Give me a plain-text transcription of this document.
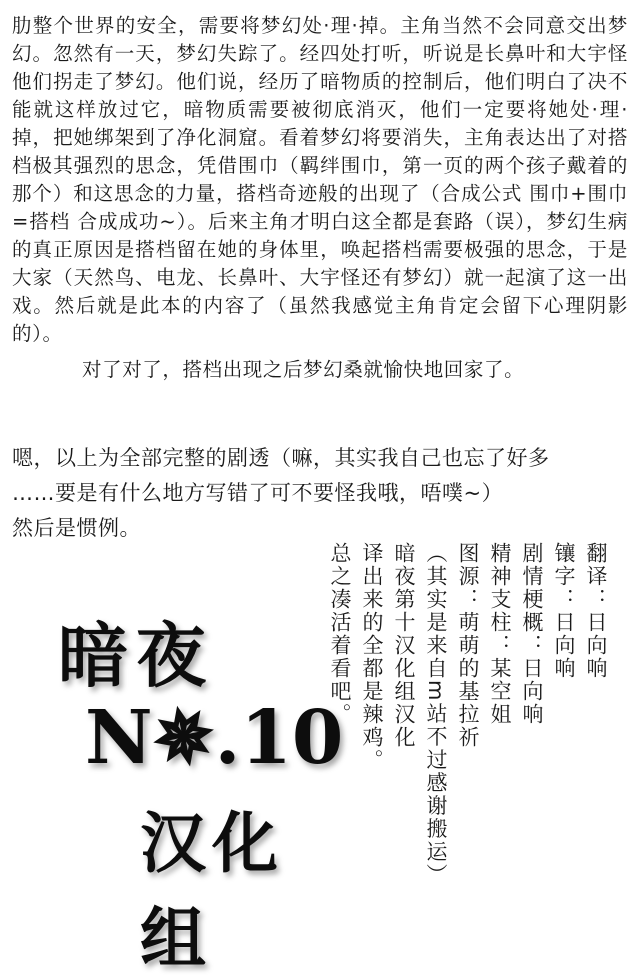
肋整个世界的安全，需要将梦幻处·理·掉。主角当然不会同意交出梦幻。忽然有一天，梦幻失踪了。经四处打听，听说是长鼻叶和大宇怪他们拐走了梦幻。他们说，经历了暗物质的控制后，他们明白了决不能就这样放过它，暗物质需要被彻底消灭，他们一定要将她处·理·掉，把她绑架到了净化洞窟。看着梦幻将要消失，主角表达出了对搭档极其强烈的思念，凭借围巾（羁绊围巾，第一页的两个孩子戴着的那个）和这思念的力量，搭档奇迹般的出现了（合成公式 围巾+围巾=搭档 合成成功~）。后来主角才明白这全都是套路（误），梦幻生病的真正原因是搭档留在她的身体里，唤起搭档需要极强的思念，于是大家（天然鸟、电龙、长鼻叶、大宇怪还有梦幻）就一起演了这一出戏。然后就是此本的内容了（虽然我感觉主角肯定会留下心理阴影的）。

对了对了，搭档出现之后梦幻桑就愉快地回家了。

嗯，以上为全部完整的剧透（嘛，其实我自己也忘了好多

……要是有什么地方写错了可不要怪我哦，唔噗~）

然后是惯例。

暗夜
N✵.10
汉化组

翻译：日向响

镶字：日向响

剧情梗概：日向响

精神支柱：某空姐

图源：萌萌的基拉祈

（其实是来自m站不过感谢搬运）

暗夜第十汉化组汉化

译出来的全都是辣鸡。

总之凑活着看吧。
